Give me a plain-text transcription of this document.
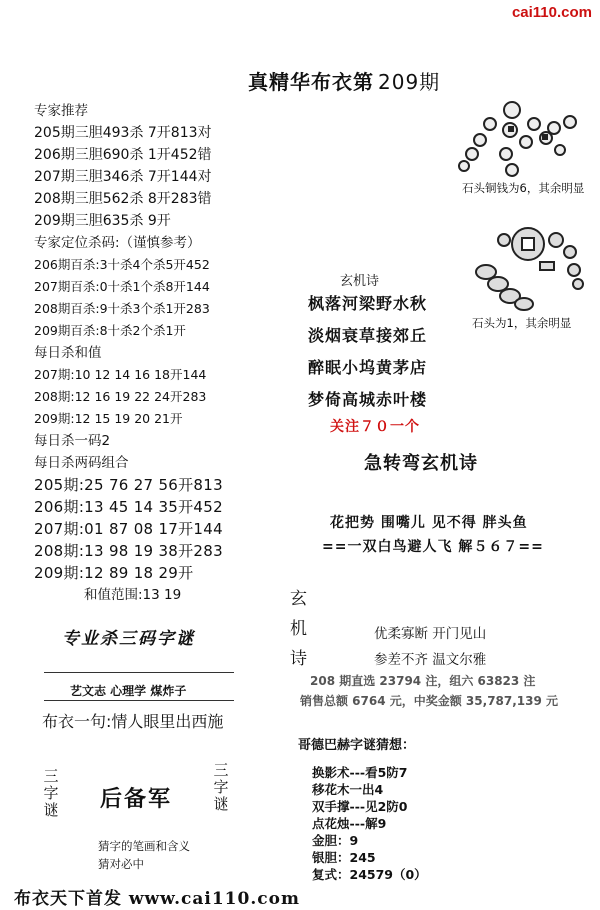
cai110.com
真精华布衣第 209期
专家推荐
205期三胆493杀 7开813对
206期三胆690杀 1开452错
207期三胆346杀 7开144对
208期三胆562杀 8开283错
209期三胆635杀 9开
专家定位杀码:（谨慎参考）
206期百杀:3十杀4个杀5开452
207期百杀:0十杀1个杀8开144
208期百杀:9十杀3个杀1开283
209期百杀:8十杀2个杀1开
每日杀和值
207期:10 12 14 16 18开144
208期:12 16 19 22 24开283
209期:12 15 19 20 21开
每日杀一码2
每日杀两码组合
205期:25 76 27 56开813
206期:13 45 14 35开452
207期:01 87 08 17开144
208期:13 98 19 38开283
209期:12 89 18 29开
和值范围:13 19
专业杀三码字谜
艺文志 心理学 煤炸子
布衣一句:情人眼里出西施
三字谜 后备军
三字谜
猜字的笔画和含义
猜对必中
布衣天下首发 www.cai110.com
石头铜钱为6，其余明显
石头为1，其余明显
玄机诗
枫落河梁野水秋
淡烟衰草接郊丘
醉眠小坞黄茅店
梦倚高城赤叶楼
关注７０一个
急转弯玄机诗
花把势 围嘴儿 见不得 胖头鱼
==一双白鸟避人飞 解５６７==
玄机诗
优柔寡断 开门见山
参差不齐 温文尔雅
208 期直选 23794 注，组六 63823 注
销售总额 6764 元，中奖金额 35,787,139 元
哥德巴赫字谜猜想：
换影术---看5防7
移花木一出4
双手撑---见2防0
点花烛---解9
金胆：9
银胆：245
复式：24579（0）
